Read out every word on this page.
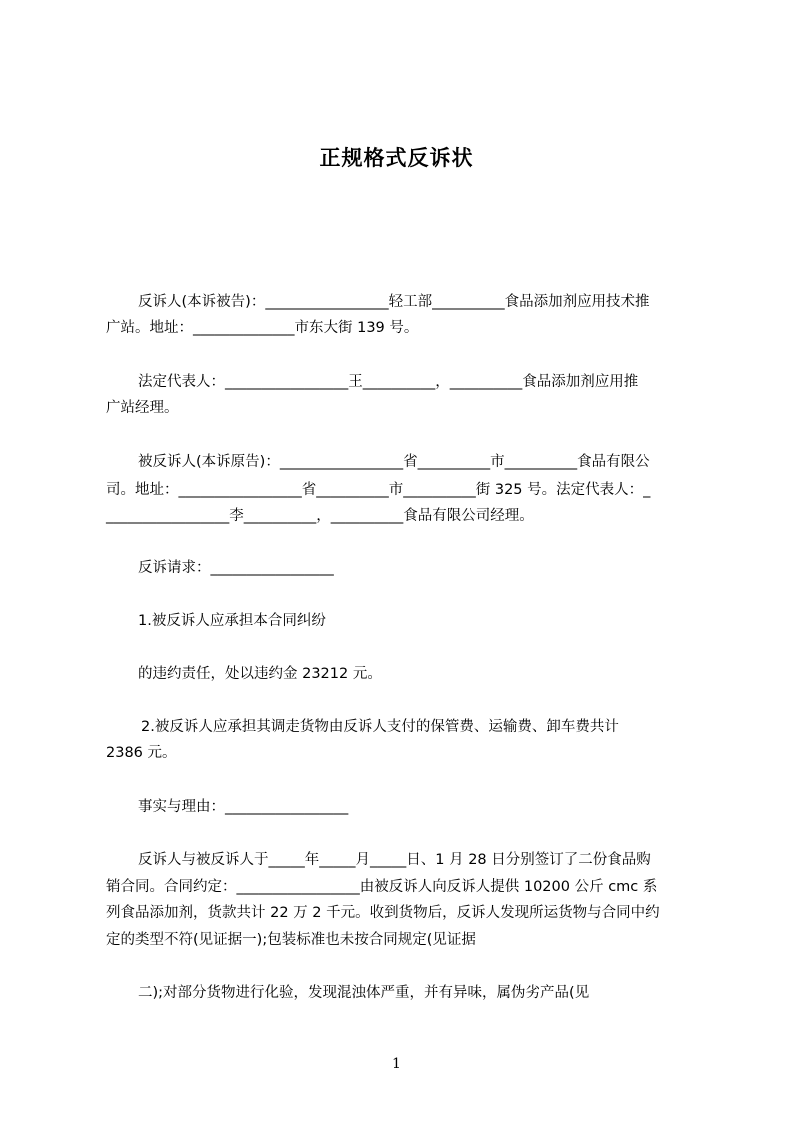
正规格式反诉状
反诉人(本诉被告)：_________________轻工部__________食品添加剂应用技术推
广站。地址：______________市东大街 139 号。
法定代表人：_________________王__________，__________食品添加剂应用推
广站经理。
被反诉人(本诉原告)：_________________省__________市__________食品有限公
司。地址：_________________省__________市__________街 325 号。法定代表人：_
_________________李__________，__________食品有限公司经理。
反诉请求：_________________
1.被反诉人应承担本合同纠纷
的违约责任，处以违约金 23212 元。
2.被反诉人应承担其调走货物由反诉人支付的保管费、运输费、卸车费共计
2386 元。
事实与理由：_________________
反诉人与被反诉人于_____年_____月_____日、1 月 28 日分别签订了二份食品购
销合同。合同约定：_________________由被反诉人向反诉人提供 10200 公斤 cmc 系
列食品添加剂，货款共计 22 万 2 千元。收到货物后，反诉人发现所运货物与合同中约
定的类型不符(见证据一);包装标准也未按合同规定(见证据
二);对部分货物进行化验，发现混浊体严重，并有异味，属伪劣产品(见
1
